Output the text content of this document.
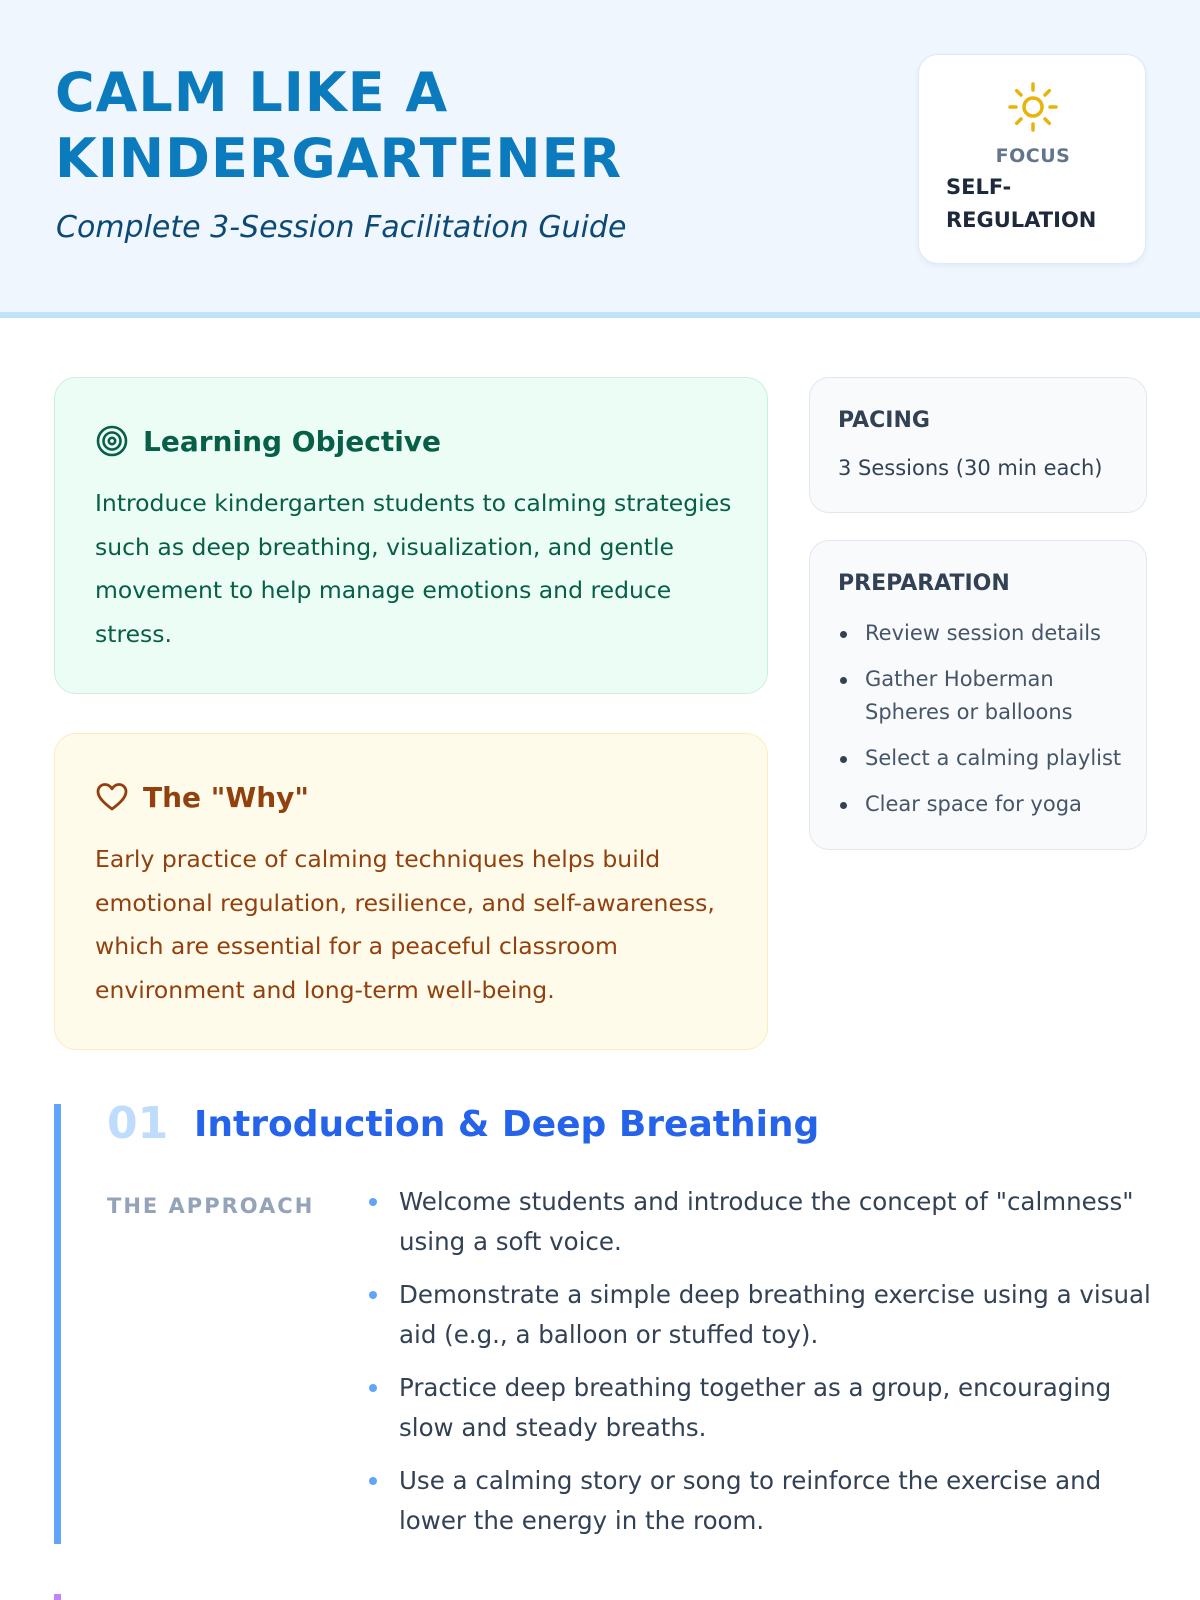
CALM LIKE A
KINDERGARTENER
Complete 3-Session Facilitation Guide
FOCUS
SELF-REGULATION
Learning Objective
Introduce kindergarten students to calming strategies such as deep breathing, visualization, and gentle movement to help manage emotions and reduce stress.
The "Why"
Early practice of calming techniques helps build emotional regulation, resilience, and self-awareness, which are essential for a peaceful classroom environment and long-term well-being.
PACING
3 Sessions (30 min each)
PREPARATION
Review session details
Gather Hoberman Spheres or balloons
Select a calming playlist
Clear space for yoga
01 Introduction & Deep Breathing
THE APPROACH	Welcome students and introduce the concept of "calmness" using a soft voice.
Demonstrate a simple deep breathing exercise using a visual aid (e.g., a balloon or stuffed toy).
Practice deep breathing together as a group, encouraging slow and steady breaths.
Use a calming story or song to reinforce the exercise and lower the energy in the room.
